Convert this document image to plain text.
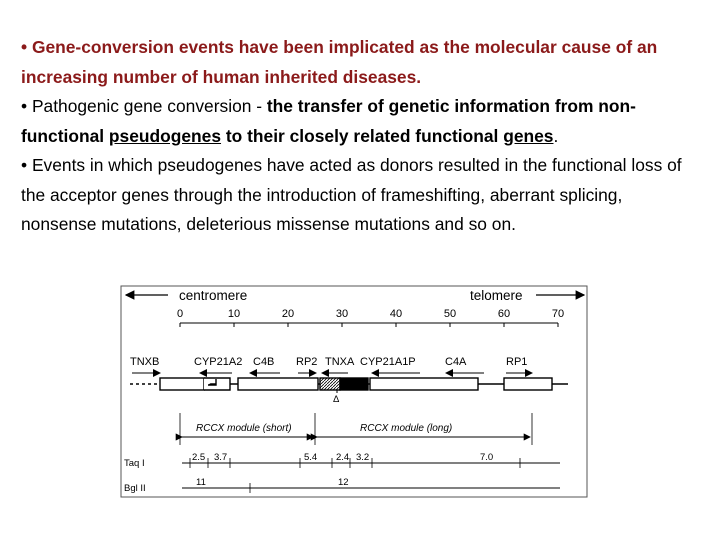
• Gene-conversion events have been implicated as the molecular cause of an increasing number of human inherited diseases.

• Pathogenic gene conversion - the transfer of genetic information from non-functional pseudogenes to their closely related functional genes.

• Events in which pseudogenes have acted as donors resulted in the functional loss of the acceptor genes through the introduction of frameshifting, aberrant splicing, nonsense mutations, deleterious missense mutations and so on.

centromere	telomere
0	10	20	30	40	50	60	70
TNXB	CYP21A2 C4B RP2 TNXA CYP21A1P	C4A	RP1
Δ
RCCX module (short)	RCCX module (long)
Taq I
2.5 3.7	5.4 2.4 3.2	7.0
Bgl II
11	12
